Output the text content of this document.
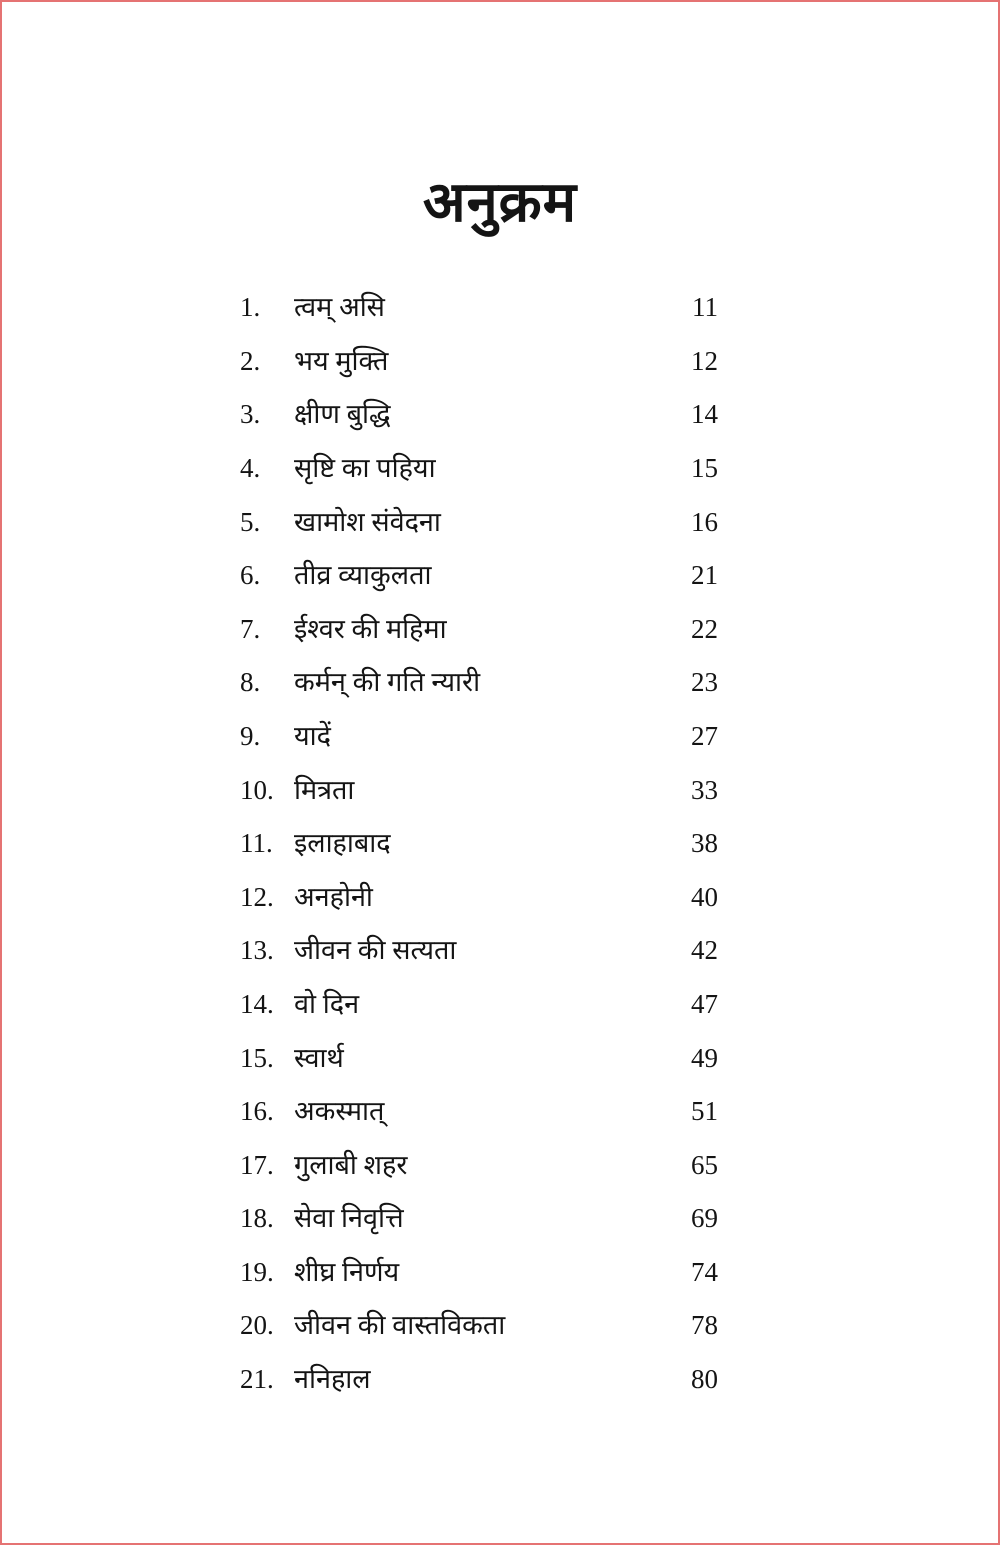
अनुक्रम
1.	त्वम् असि	11
2.	भय मुक्ति	12
3.	क्षीण बुद्धि	14
4.	सृष्टि का पहिया	15
5.	खामोश संवेदना	16
6.	तीव्र व्याकुलता	21
7.	ईश्वर की महिमा	22
8.	कर्मन् की गति न्यारी	23
9.	यादें	27
10. मित्रता	33
11. इलाहाबाद	38
12. अनहोनी	40
13. जीवन की सत्यता	42
14. वो दिन	47
15. स्वार्थ	49
16. अकस्मात्	51
17. गुलाबी शहर	65
18. सेवा निवृत्ति	69
19. शीघ्र निर्णय	74
20. जीवन की वास्तविकता	78
21. ननिहाल	80
